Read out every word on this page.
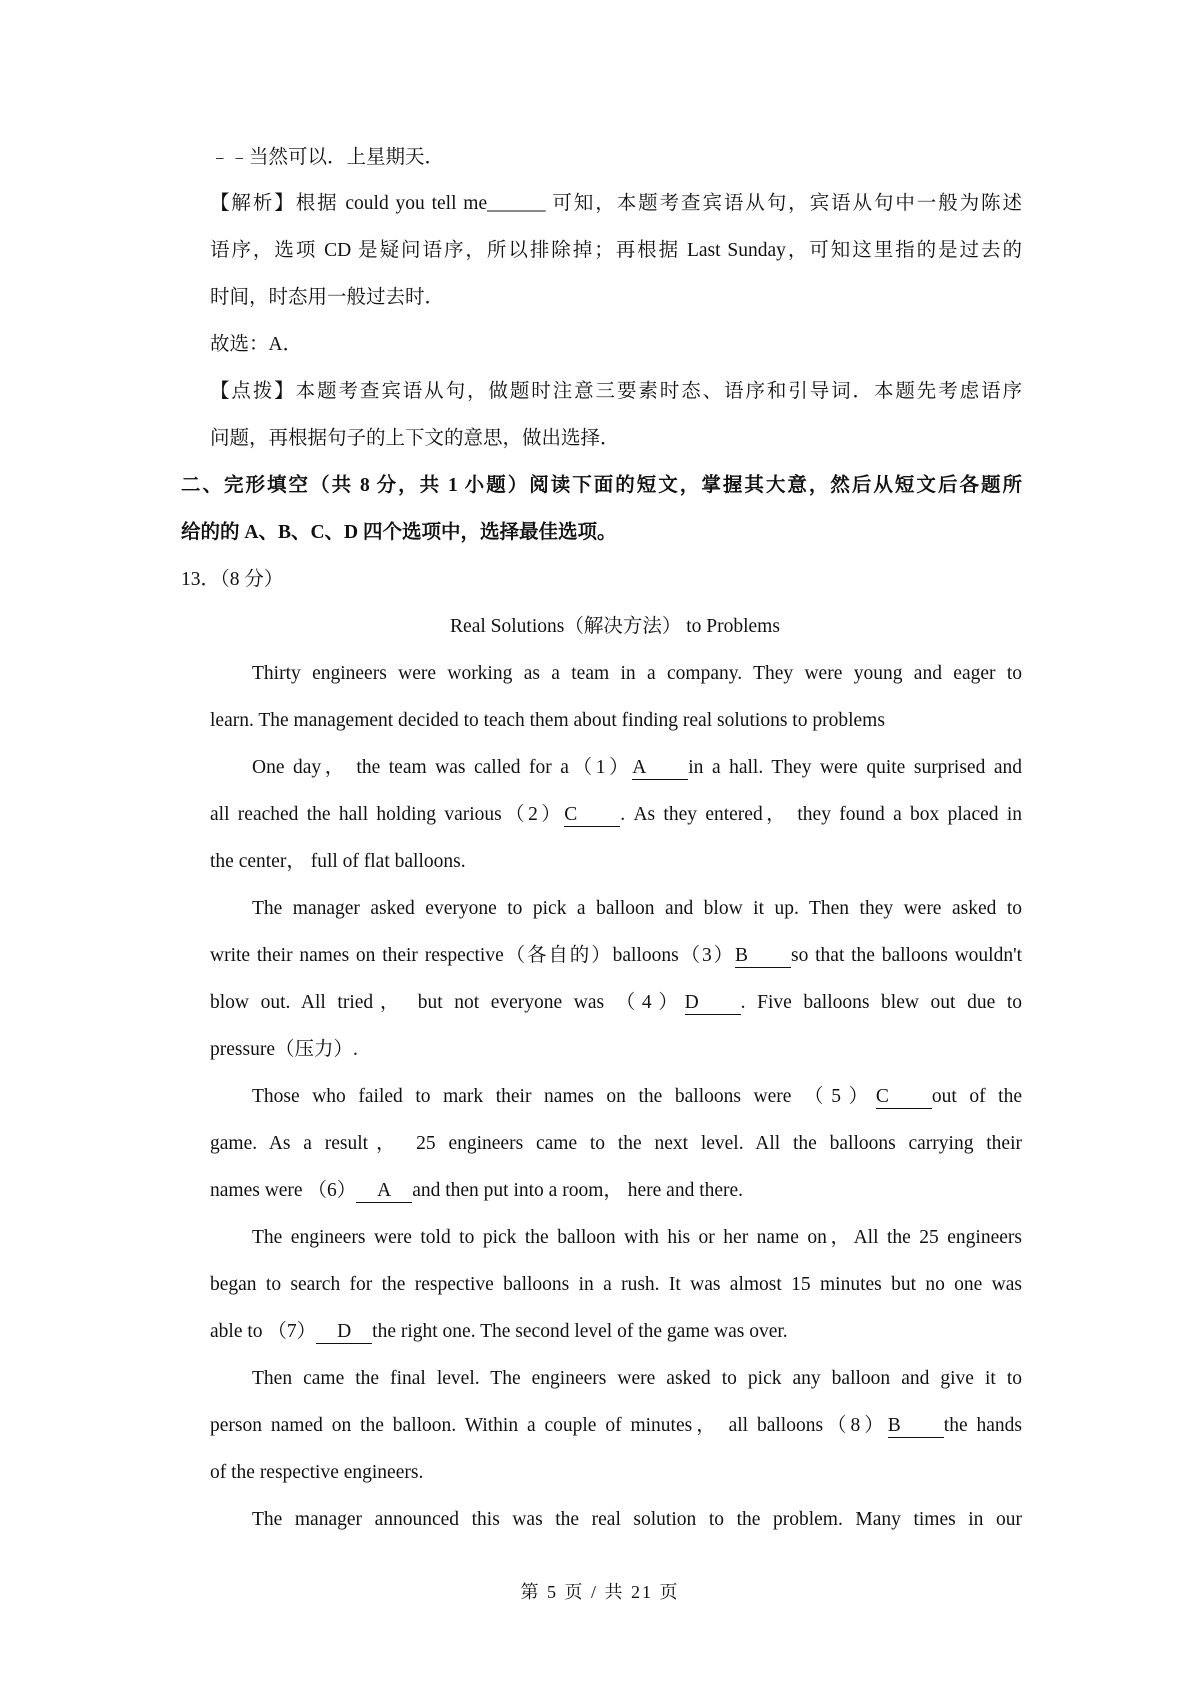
﹣﹣当然可以．上星期天．
【解析】根据 could you tell me______ 可知，本题考查宾语从句，宾语从句中一般为陈述
语序，选项 CD 是疑问语序，所以排除掉；再根据 Last Sunday，可知这里指的是过去的
时间，时态用一般过去时．
故选：A．
【点拨】本题考查宾语从句，做题时注意三要素时态、语序和引导词．本题先考虑语序
问题，再根据句子的上下文的意思，做出选择．
二、完形填空（共 8 分，共 1 小题）阅读下面的短文，掌握其大意，然后从短文后各题所
给的的 A、B、C、D 四个选项中，选择最佳选项。
13．（8 分）
Real Solutions（解决方法） to Problems
Thirty engineers were working as a team in a company. They were young and eager to
learn. The management decided to teach them about finding real solutions to problems
One day， the team was called for a（1）A in a hall. They were quite surprised and
all reached the hall holding various（2）C . As they entered， they found a box placed in
the center， full of flat balloons.
The manager asked everyone to pick a balloon and blow it up. Then they were asked to
write their names on their respective（各自的）balloons（3）B so that the balloons wouldn't
blow out. All tried， but not everyone was （4）D . Five balloons blew out due to
pressure（压力）.
Those who failed to mark their names on the balloons were （5）C out of the
game. As a result， 25 engineers came to the next level. All the balloons carrying their
names were （6） A and then put into a room， here and there.
The engineers were told to pick the balloon with his or her name on，All the 25 engineers
began to search for the respective balloons in a rush. It was almost 15 minutes but no one was
able to （7） D the right one. The second level of the game was over.
Then came the final level. The engineers were asked to pick any balloon and give it to
person named on the balloon. Within a couple of minutes， all balloons（8）B the hands
of the respective engineers.
The manager announced this was the real solution to the problem. Many times in our
第 5 页 / 共 21 页
